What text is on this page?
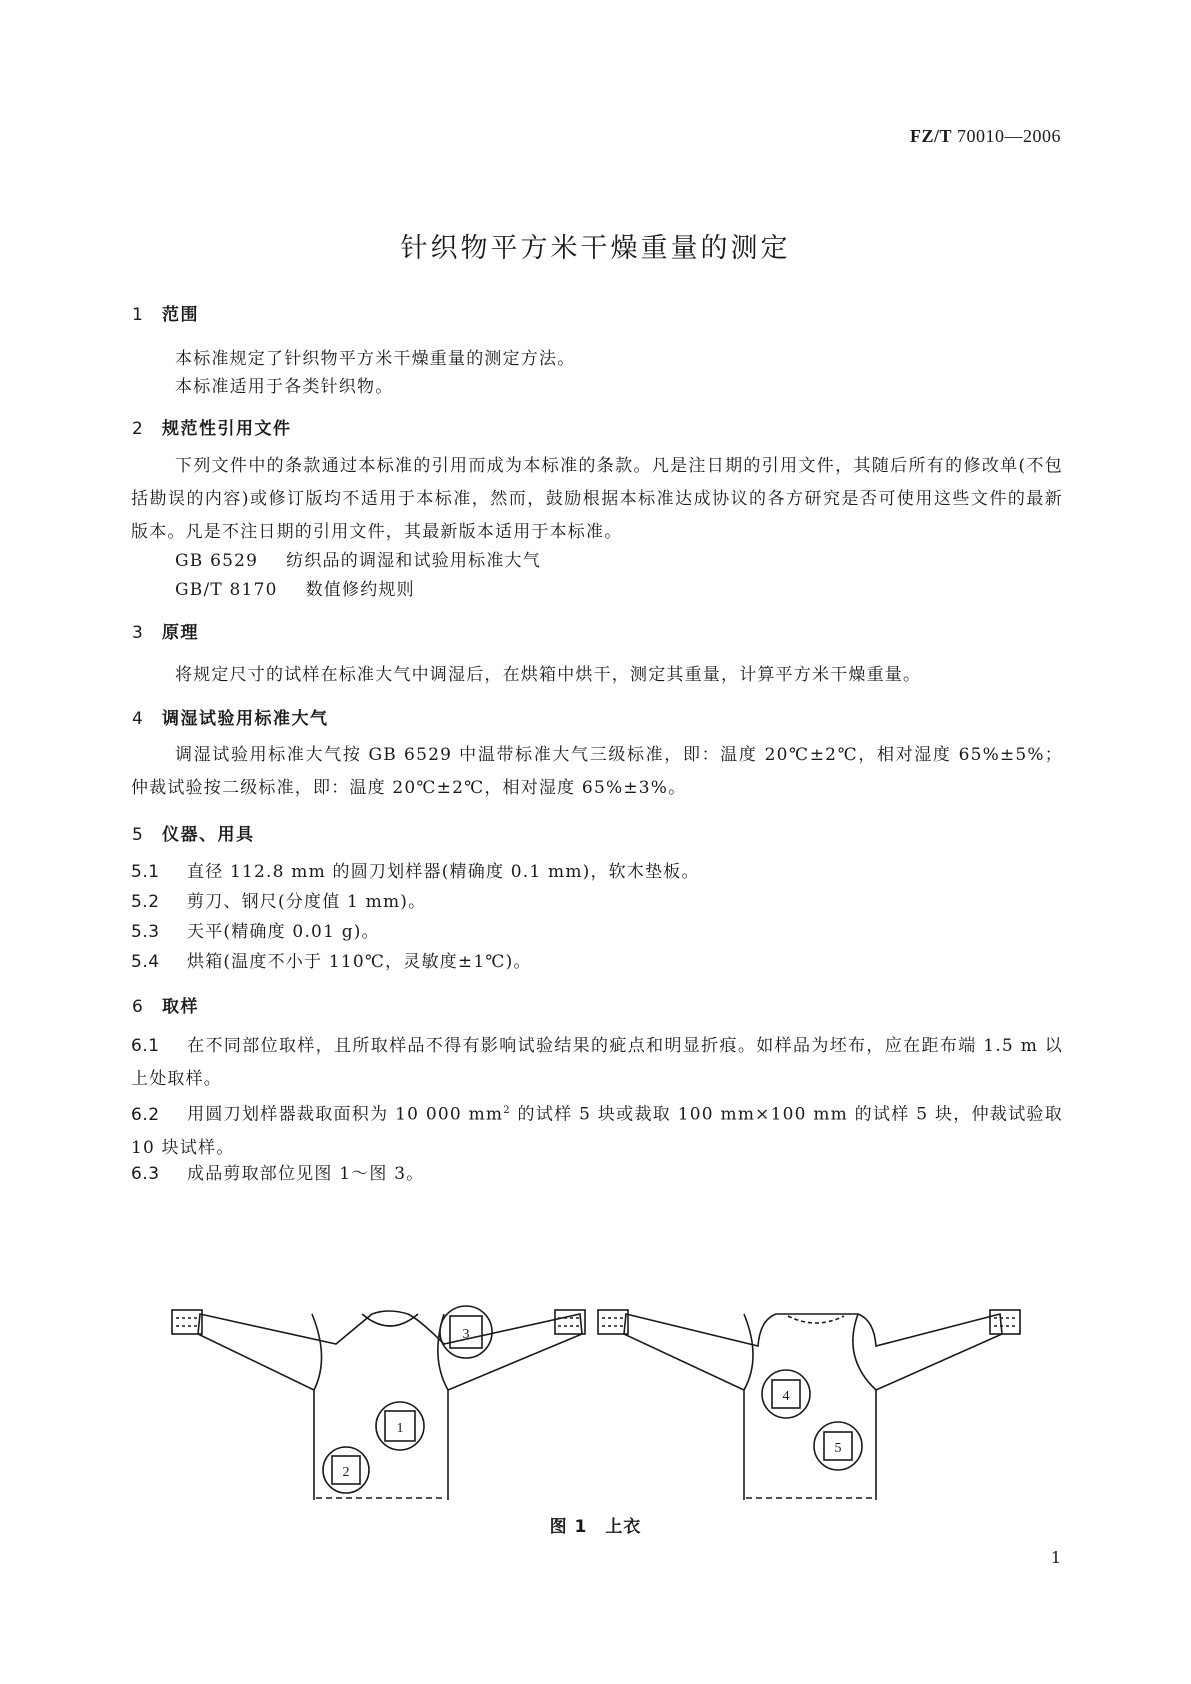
FZ/T 70010—2006
针织物平方米干燥重量的测定
1 范围
本标准规定了针织物平方米干燥重量的测定方法。
本标准适用于各类针织物。
2 规范性引用文件
下列文件中的条款通过本标准的引用而成为本标准的条款。凡是注日期的引用文件，其随后所有的修改单(不包括勘误的内容)或修订版均不适用于本标准，然而，鼓励根据本标准达成协议的各方研究是否可使用这些文件的最新版本。凡是不注日期的引用文件，其最新版本适用于本标准。
GB 6529 纺织品的调湿和试验用标准大气
GB/T 8170 数值修约规则
3 原理
将规定尺寸的试样在标准大气中调湿后，在烘箱中烘干，测定其重量，计算平方米干燥重量。
4 调湿试验用标准大气
调湿试验用标准大气按 GB 6529 中温带标准大气三级标准，即：温度 20℃±2℃，相对湿度 65%±5%；仲裁试验按二级标准，即：温度 20℃±2℃，相对湿度 65%±3%。
5 仪器、用具
5.1 直径 112.8 mm 的圆刀划样器(精确度 0.1 mm)，软木垫板。
5.2 剪刀、钢尺(分度值 1 mm)。
5.3 天平(精确度 0.01 g)。
5.4 烘箱(温度不小于 110℃，灵敏度±1℃)。
6 取样
6.1 在不同部位取样，且所取样品不得有影响试验结果的疵点和明显折痕。如样品为坯布，应在距布端 1.5 m 以上处取样。
6.2 用圆刀划样器裁取面积为 10 000 $mm^2$ 的试样 5 块或裁取 100 mm×100 mm 的试样 5 块，仲裁试验取 10 块试样。
6.3 成品剪取部位见图 1～图 3。
3
1
2
4
5
图 1　上衣
1
